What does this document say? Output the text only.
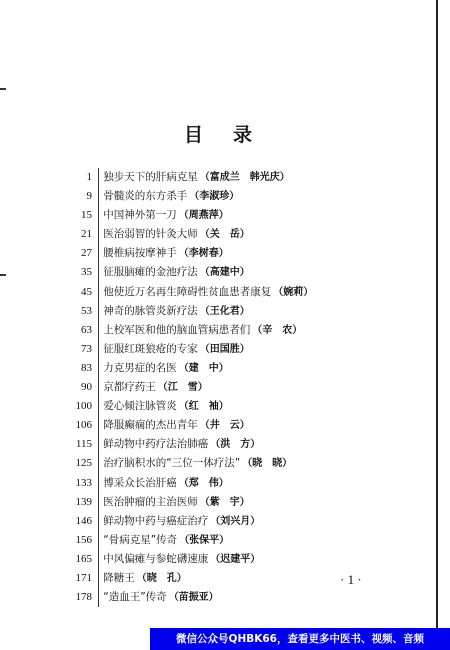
目录
1	独步天下的肝病克星 （富成兰　韩光庆）
9	骨髓炎的东方杀手 （李淑珍）
15	中国神外第一刀 （周燕萍）
21	医治弱智的针灸大师 （关　岳）
27	腰椎病按摩神手 （李树春）
35	征服脑瘫的金池疗法 （高建中）
45	他使近万名再生障碍性贫血患者康复 （婉莉）
53	神奇的脉管炎新疗法 （王化君）
63	上校军医和他的脑血管病患者们 （辛　农）
73	征服红斑狼疮的专家 （田国胜）
83	力克男症的名医 （建　中）
90	京都疗药王 （江　雪）
100	爱心倾注脉管炎 （红　袖）
106	降服癫痫的杰出青年 （井　云）
115	鲜动物中药疗法治肺癌 （洪　方）
125	治疗脑积水的“三位一体疗法” （晓　晓）
133	博采众长治肝癌 （郑　伟）
139	医治肿瘤的主治医师 （紫　宇）
146	鲜动物中药与癌症治疗 （刘兴月）
156	“骨病克星”传奇 （张保平）
165	中风偏瘫与参蛇礴速康 （迟建平）
171	降糖王 （晓　孔）
178	“造血王”传奇 （苗振亚）
· 1 ·
微信公众号QHBK66，查看更多中医书、视频、音频
